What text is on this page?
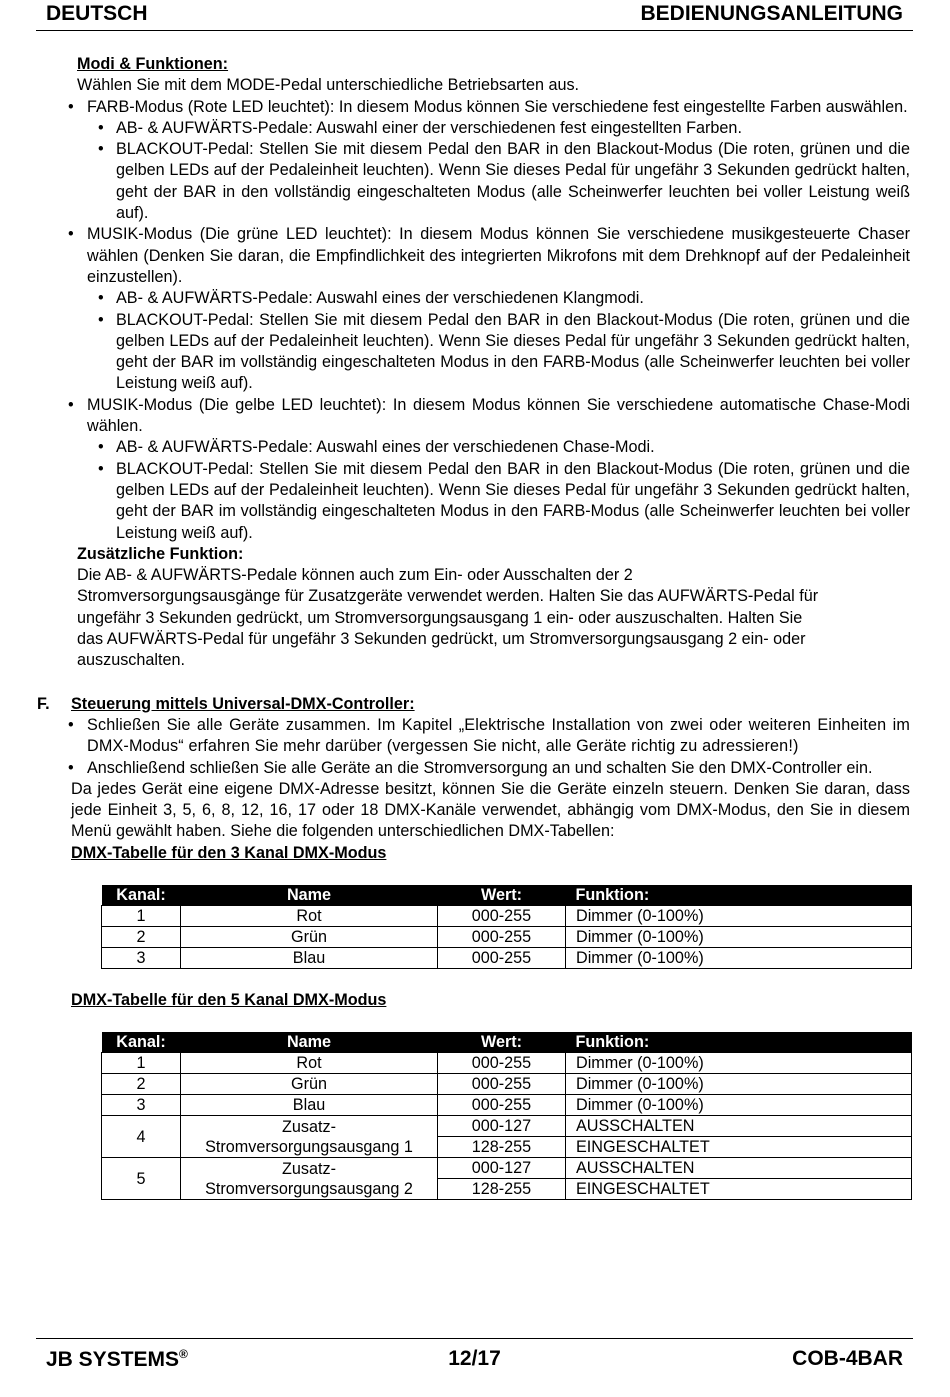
DEUTSCH	BEDIENUNGSANLEITUNG
Modi & Funktionen:
Wählen Sie mit dem MODE-Pedal unterschiedliche Betriebsarten aus.
• FARB-Modus (Rote LED leuchtet): In diesem Modus können Sie verschiedene fest eingestellte Farben auswählen.
• AB- & AUFWÄRTS-Pedale: Auswahl einer der verschiedenen fest eingestellten Farben.
• BLACKOUT-Pedal: Stellen Sie mit diesem Pedal den BAR in den Blackout-Modus (Die roten, grünen und die gelben LEDs auf der Pedaleinheit leuchten). Wenn Sie dieses Pedal für ungefähr 3 Sekunden gedrückt halten, geht der BAR in den vollständig eingeschalteten Modus (alle Scheinwerfer leuchten bei voller Leistung weiß auf).
• MUSIK-Modus (Die grüne LED leuchtet): In diesem Modus können Sie verschiedene musikgesteuerte Chaser wählen (Denken Sie daran, die Empfindlichkeit des integrierten Mikrofons mit dem Drehknopf auf der Pedaleinheit einzustellen).
• AB- & AUFWÄRTS-Pedale: Auswahl eines der verschiedenen Klangmodi.
• BLACKOUT-Pedal: Stellen Sie mit diesem Pedal den BAR in den Blackout-Modus (Die roten, grünen und die gelben LEDs auf der Pedaleinheit leuchten). Wenn Sie dieses Pedal für ungefähr 3 Sekunden gedrückt halten, geht der BAR im vollständig eingeschalteten Modus in den FARB-Modus (alle Scheinwerfer leuchten bei voller Leistung weiß auf).
• MUSIK-Modus (Die gelbe LED leuchtet): In diesem Modus können Sie verschiedene automatische Chase-Modi wählen.
• AB- & AUFWÄRTS-Pedale: Auswahl eines der verschiedenen Chase-Modi.
• BLACKOUT-Pedal: Stellen Sie mit diesem Pedal den BAR in den Blackout-Modus (Die roten, grünen und die gelben LEDs auf der Pedaleinheit leuchten). Wenn Sie dieses Pedal für ungefähr 3 Sekunden gedrückt halten, geht der BAR im vollständig eingeschalteten Modus in den FARB-Modus (alle Scheinwerfer leuchten bei voller Leistung weiß auf).
Zusätzliche Funktion:
Die AB- & AUFWÄRTS-Pedale können auch zum Ein- oder Ausschalten der 2
Stromversorgungsausgänge für Zusatzgeräte verwendet werden. Halten Sie das AUFWÄRTS-Pedal für
ungefähr 3 Sekunden gedrückt, um Stromversorgungsausgang 1 ein- oder auszuschalten. Halten Sie
das AUFWÄRTS-Pedal für ungefähr 3 Sekunden gedrückt, um Stromversorgungsausgang 2 ein- oder
auszuschalten.
F. Steuerung mittels Universal-DMX-Controller:
• Schließen Sie alle Geräte zusammen. Im Kapitel „Elektrische Installation von zwei oder weiteren Einheiten im DMX-Modus“ erfahren Sie mehr darüber (vergessen Sie nicht, alle Geräte richtig zu adressieren!)
• Anschließend schließen Sie alle Geräte an die Stromversorgung an und schalten Sie den DMX-Controller ein.
Da jedes Gerät eine eigene DMX-Adresse besitzt, können Sie die Geräte einzeln steuern. Denken Sie daran, dass jede Einheit 3, 5, 6, 8, 12, 16, 17 oder 18 DMX-Kanäle verwendet, abhängig vom DMX-Modus, den Sie in diesem Menü gewählt haben. Siehe die folgenden unterschiedlichen DMX-Tabellen:
DMX-Tabelle für den 3 Kanal DMX-Modus
Kanal:	Name	Wert:	Funktion:
1	Rot	000-255	Dimmer (0-100%)
2	Grün	000-255	Dimmer (0-100%)
3	Blau	000-255	Dimmer (0-100%)
DMX-Tabelle für den 5 Kanal DMX-Modus
Kanal:	Name	Wert:	Funktion:
1	Rot	000-255	Dimmer (0-100%)
2	Grün	000-255	Dimmer (0-100%)
3	Blau	000-255	Dimmer (0-100%)
4	Zusatz-
Stromversorgungsausgang 1	000-127	AUSSCHALTEN
		128-255	EINGESCHALTET
5	Zusatz-
Stromversorgungsausgang 2	000-127	AUSSCHALTEN
		128-255	EINGESCHALTET
JB SYSTEMS®	12/17	COB-4BAR
